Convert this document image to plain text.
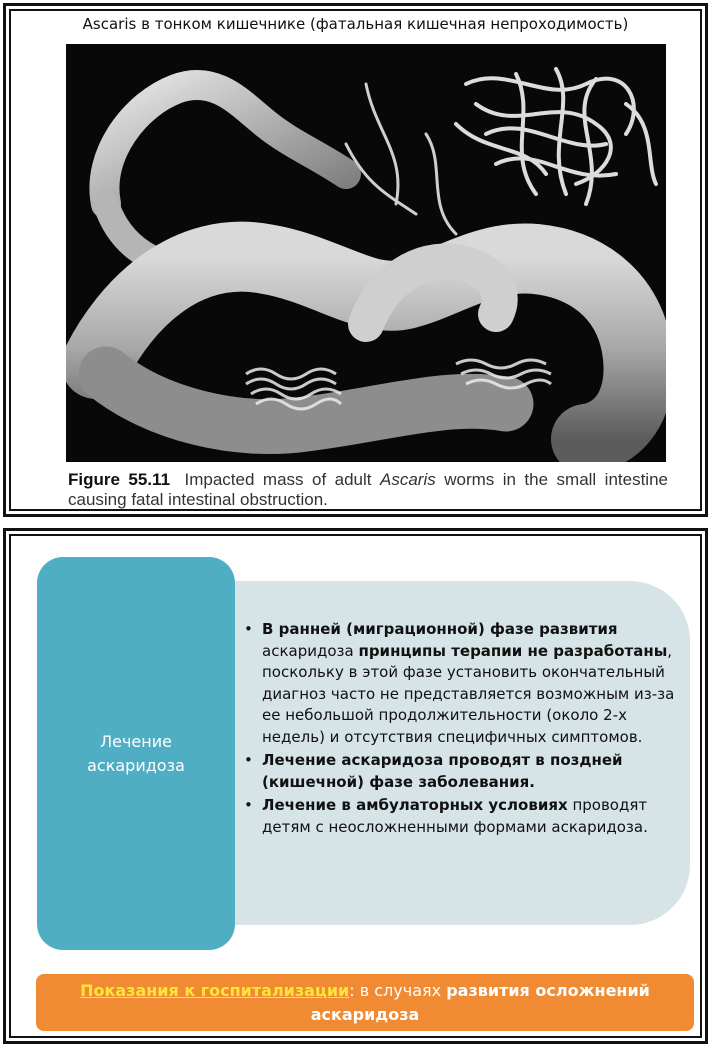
Ascaris в тонком кишечнике (фатальная кишечная непроходимость)
Figure 55.11 Impacted mass of adult Ascaris worms in the small intestine causing fatal intestinal obstruction.
Лечение аскаридоза
• В ранней (миграционной) фазе развития аскаридоза принципы терапии не разработаны, поскольку в этой фазе установить окончательный диагноз часто не представляется возможным из-за ее небольшой продолжительности (около 2-х недель) и отсутствия специфичных симптомов.
• Лечение аскаридоза проводят в поздней (кишечной) фазе заболевания.
• Лечение в амбулаторных условиях проводят детям с неосложненными формами аскаридоза.
Показания к госпитализации: в случаях развития осложнений аскаридоза
